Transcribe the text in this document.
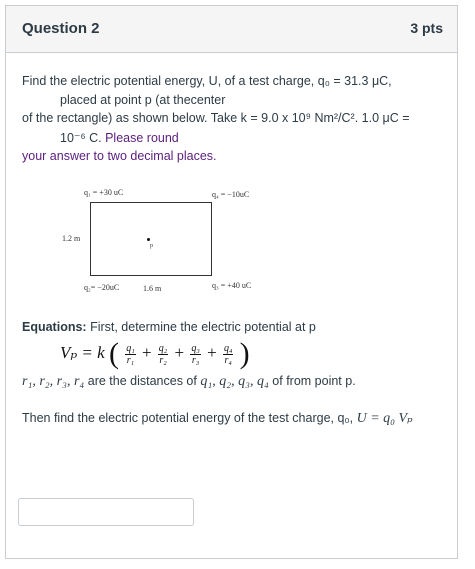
Question 2	3 pts
Find the electric potential energy, U, of a test charge, q₀ = 31.3 μC,
placed at point p (at thecenter
of the rectangle) as shown below. Take k = 9.0 x 10⁹ Nm²/C². 1.0 μC =
10⁻⁶ C. Please round
your answer to two decimal places.
q₁ = +30 uC	q₄ = −10uC
q₂= −20uC	q₃ = +40 uC
1.2 m
1.6 m
p
Equations: First, determine the electric potential at p
Vₚ = k ( $\frac{\text{q₁}}{\text{r₁}} + \frac{\text{q₂}}{\text{r₂}} + \frac{\text{q₃}}{\text{r₃}} + \frac{\text{q₄}}{\text{r₄}}$ )
r₁, r₂, r₃, r₄ are the distances of q₁, q₂, q₃, q₄ of from point p.
Then find the electric potential energy of the test charge, q₀, U = q₀ Vₚ
